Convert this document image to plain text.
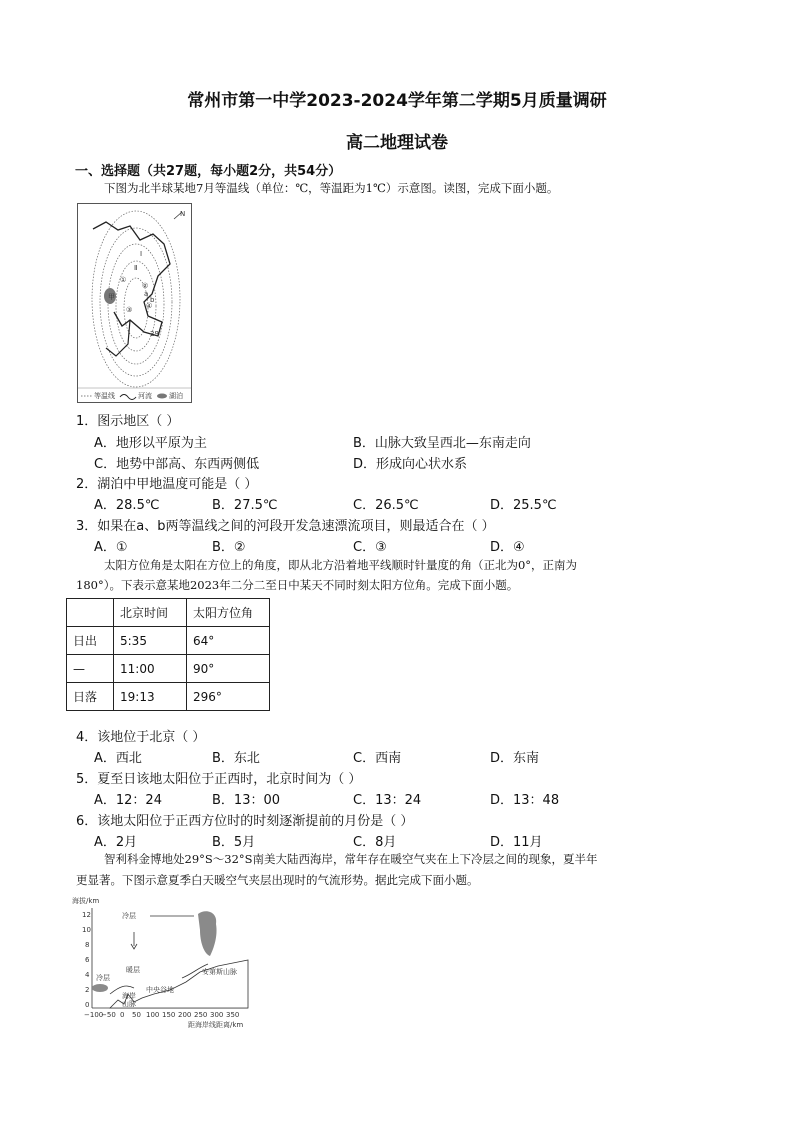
常州市第一中学2023-2024学年第二学期5月质量调研
高二地理试卷
一、选择题（共27题，每小题2分，共54分）
下图为北半球某地7月等温线（单位：℃，等温距为1℃）示意图。读图，完成下面小题。
N
甲
Ⅰ
Ⅱ
①
②
③ ④
a
b
29
等温线	河流 湖泊
1．图示地区（ ）
A．地形以平原为主	B．山脉大致呈西北—东南走向
C．地势中部高、东西两侧低	D．形成向心状水系
2．湖泊中甲地温度可能是（ ）
A．28.5℃	B．27.5℃	C．26.5℃	D．25.5℃
3．如果在a、b两等温线之间的河段开发急速漂流项目，则最适合在（ ）
A．①	B．②	C．③	D．④
太阳方位角是太阳在方位上的角度，即从北方沿着地平线顺时针量度的角（正北为0°，正南为
180°）。下表示意某地2023年二分二至日中某天不同时刻太阳方位角。完成下面小题。
	北京时间	太阳方位角
日出	5:35	64°
—	11:00	90°
日落	19:13	296°
4．该地位于北京（ ）
A．西北	B．东北	C．西南	D．东南
5．夏至日该地太阳位于正西时，北京时间为（ ）
A．12：24	B．13：00	C．13：24	D．13：48
6．该地太阳位于正西方位时的时刻逐渐提前的月份是（ ）
A．2月	B．5月	C．8月	D．11月
智利科金博地处29°S～32°S南美大陆西海岸，常年存在暖空气夹在上下冷层之间的现象，夏半年
更显著。下图示意夏季白天暖空气夹层出现时的气流形势。据此完成下面小题。
海拔/km
12
10
8
6
4
2
0
−100
−50 0 50 100 150 200 250 300 350
距海岸线距离/km
冷层
暖层
冷层
海岸
山脉
中央谷地
安第斯山脉
